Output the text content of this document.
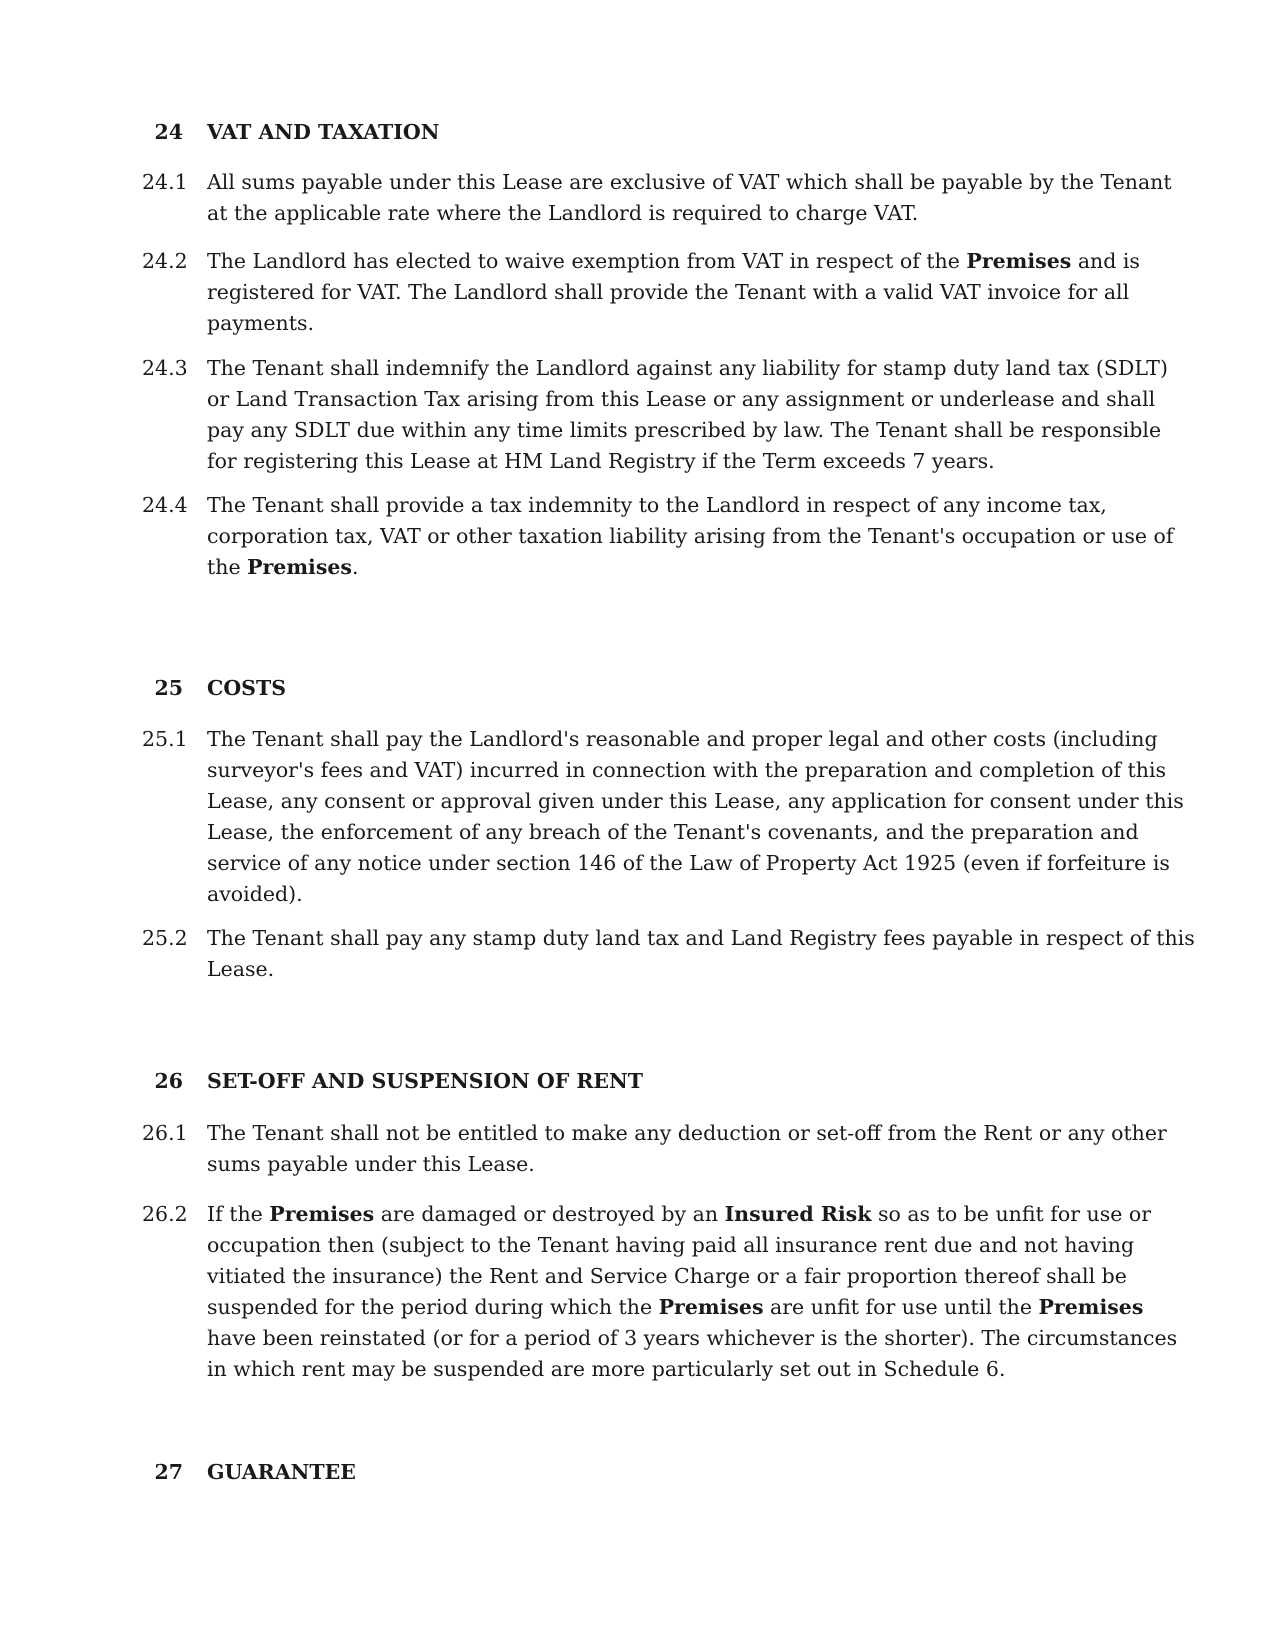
24 VAT AND TAXATION
24.1 All sums payable under this Lease are exclusive of VAT which shall be payable by the Tenant
at the applicable rate where the Landlord is required to charge VAT.
24.2 The Landlord has elected to waive exemption from VAT in respect of the Premises and is
registered for VAT. The Landlord shall provide the Tenant with a valid VAT invoice for all
payments.
24.3 The Tenant shall indemnify the Landlord against any liability for stamp duty land tax (SDLT)
or Land Transaction Tax arising from this Lease or any assignment or underlease and shall
pay any SDLT due within any time limits prescribed by law. The Tenant shall be responsible
for registering this Lease at HM Land Registry if the Term exceeds 7 years.
24.4 The Tenant shall provide a tax indemnity to the Landlord in respect of any income tax,
corporation tax, VAT or other taxation liability arising from the Tenant's occupation or use of
the Premises.
25 COSTS
25.1 The Tenant shall pay the Landlord's reasonable and proper legal and other costs (including
surveyor's fees and VAT) incurred in connection with the preparation and completion of this
Lease, any consent or approval given under this Lease, any application for consent under this
Lease, the enforcement of any breach of the Tenant's covenants, and the preparation and
service of any notice under section 146 of the Law of Property Act 1925 (even if forfeiture is
avoided).
25.2 The Tenant shall pay any stamp duty land tax and Land Registry fees payable in respect of this
Lease.
26 SET-OFF AND SUSPENSION OF RENT
26.1 The Tenant shall not be entitled to make any deduction or set-off from the Rent or any other
sums payable under this Lease.
26.2 If the Premises are damaged or destroyed by an Insured Risk so as to be unfit for use or
occupation then (subject to the Tenant having paid all insurance rent due and not having
vitiated the insurance) the Rent and Service Charge or a fair proportion thereof shall be
suspended for the period during which the Premises are unfit for use until the Premises
have been reinstated (or for a period of 3 years whichever is the shorter). The circumstances
in which rent may be suspended are more particularly set out in Schedule 6.
27 GUARANTEE
